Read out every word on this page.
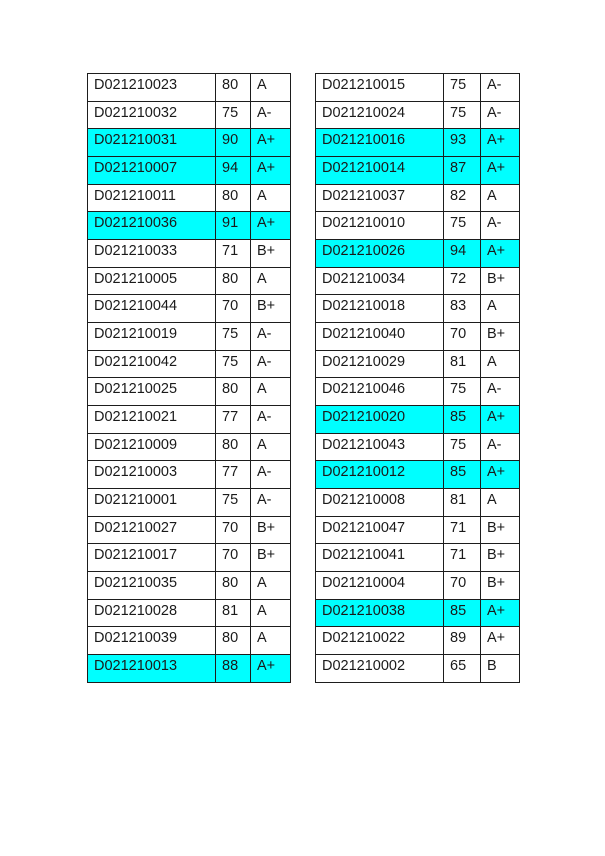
D021210023	80	A
D021210032	75	A-
D021210031	90	A+
D021210007	94	A+
D021210011	80	A
D021210036	91	A+
D021210033	71	B+
D021210005	80	A
D021210044	70	B+
D021210019	75	A-
D021210042	75	A-
D021210025	80	A
D021210021	77	A-
D021210009	80	A
D021210003	77	A-
D021210001	75	A-
D021210027	70	B+
D021210017	70	B+
D021210035	80	A
D021210028	81	A
D021210039	80	A
D021210013	88	A+
D021210015	75	A-
D021210024	75	A-
D021210016	93	A+
D021210014	87	A+
D021210037	82	A
D021210010	75	A-
D021210026	94	A+
D021210034	72	B+
D021210018	83	A
D021210040	70	B+
D021210029	81	A
D021210046	75	A-
D021210020	85	A+
D021210043	75	A-
D021210012	85	A+
D021210008	81	A
D021210047	71	B+
D021210041	71	B+
D021210004	70	B+
D021210038	85	A+
D021210022	89	A+
D021210002	65	B
